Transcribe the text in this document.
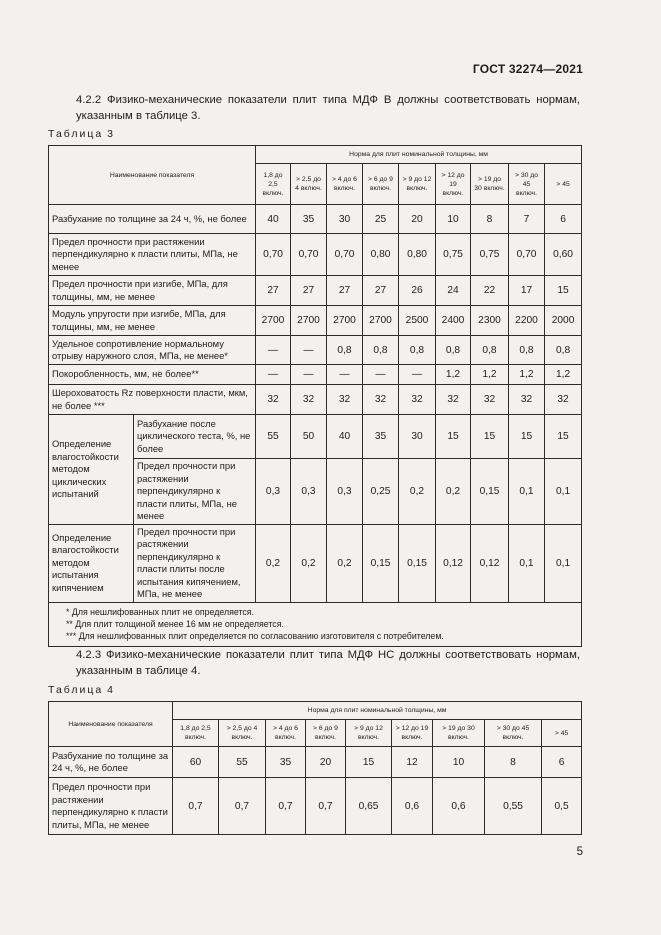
ГОСТ 32274—2021
4.2.2 Физико-механические показатели плит типа МДФ В должны соответствовать нормам, указанным в таблице 3.
Таблица 3
Наименование показателя		Норма для плит номинальной толщины, мм								
		1,8 до 2,5 включ.	> 2,5 до 4 включ.	> 4 до 6 включ.	> 6 до 9 включ.	> 9 до 12 включ.	> 12 до 19 включ.	> 19 до 30 включ.	> 30 до 45 включ.	> 45
Разбухание по толщине за 24 ч, %, не более		40	35	30	25	20	10	8	7	6
Предел прочности при растяжении перпендикулярно к пласти плиты, МПа, не менее		0,70	0,70	0,70	0,80	0,80	0,75	0,75	0,70	0,60
Предел прочности при изгибе, МПа, для толщины, мм, не менее		27	27	27	27	26	24	22	17	15
Модуль упругости при изгибе, МПа, для толщины, мм, не менее		2700	2700	2700	2700	2500	2400	2300	2200	2000
Удельное сопротивление нормальному отрыву наружного слоя, МПа, не менее*		—	—	0,8	0,8	0,8	0,8	0,8	0,8	0,8
Покоробленность, мм, не более**		—	—	—	—	—	1,2	1,2	1,2	1,2
Шероховатость Rz поверхности пласти, мкм, не более ***		32	32	32	32	32	32	32	32	32
Определение влагостойкости методом циклических испытаний	Разбухание после циклического теста, %, не более	55	50	40	35	30	15	15	15	15
	Предел прочности при растяжении перпендикулярно к пласти плиты, МПа, не менее	0,3	0,3	0,3	0,25	0,2	0,2	0,15	0,1	0,1
Определение влагостойкости методом испытания кипячением	Предел прочности при растяжении перпендикулярно к пласти плиты после испытания кипячением, МПа, не менее	0,2	0,2	0,2	0,15	0,15	0,12	0,12	0,1	0,1

* Для нешлифованных плит не определяется.
** Для плит толщиной менее 16 мм не определяется.
*** Для нешлифованных плит определяется по согласованию изготовителя с потребителем.										
4.2.3 Физико-механические показатели плит типа МДФ НС должны соответствовать нормам, указанным в таблице 4.
Таблица 4
Наименование показателя	Норма для плит номинальной толщины, мм								
	1,8 до 2,5 включ.	> 2,5 до 4 включ.	> 4 до 6 включ.	> 6 до 9 включ.	> 9 до 12 включ.	> 12 до 19 включ.	> 19 до 30 включ.	> 30 до 45 включ.	> 45
Разбухание по толщине за 24 ч, %, не более	60	55	35	20	15	12	10	8	6
Предел прочности при растяжении перпендикулярно к пласти плиты, МПа, не менее	0,7	0,7	0,7	0,7	0,65	0,6	0,6	0,55	0,5
5
